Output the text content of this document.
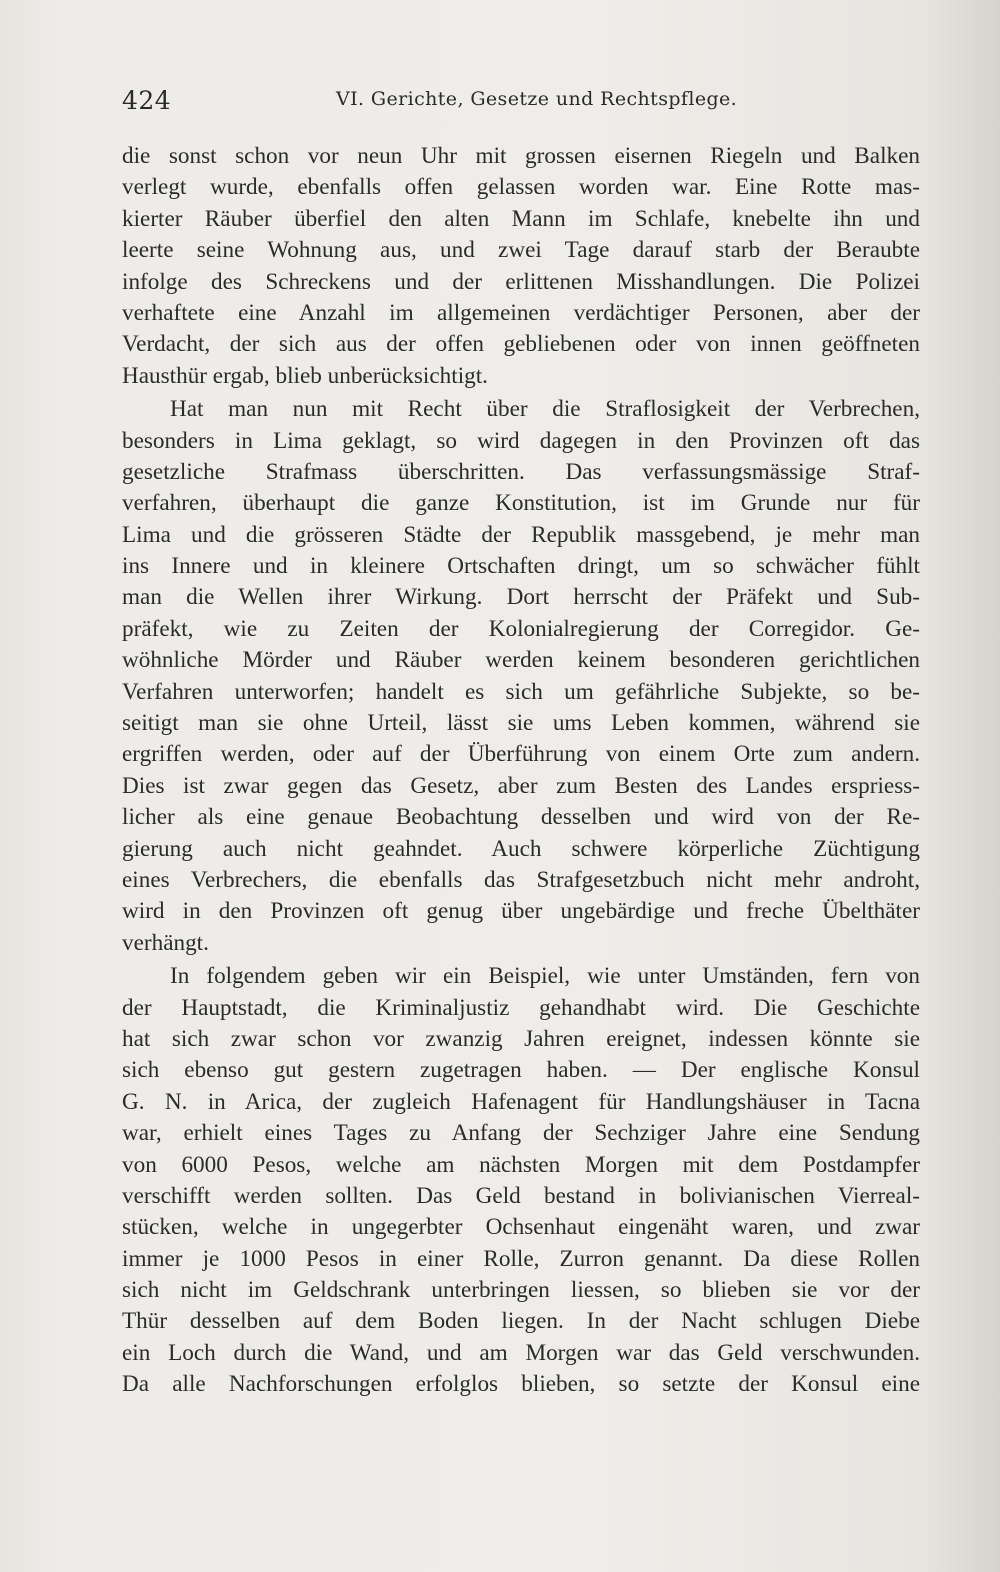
424	VI. Gerichte, Gesetze und Rechtspflege.
die sonst schon vor neun Uhr mit grossen eisernen Riegeln und Balken
verlegt wurde, ebenfalls offen gelassen worden war. Eine Rotte mas-
kierter Räuber überfiel den alten Mann im Schlafe, knebelte ihn und
leerte seine Wohnung aus, und zwei Tage darauf starb der Beraubte
infolge des Schreckens und der erlittenen Misshandlungen. Die Polizei
verhaftete eine Anzahl im allgemeinen verdächtiger Personen, aber der
Verdacht, der sich aus der offen gebliebenen oder von innen geöffneten
Hausthür ergab, blieb unberücksichtigt.
Hat man nun mit Recht über die Straflosigkeit der Verbrechen,
besonders in Lima geklagt, so wird dagegen in den Provinzen oft das
gesetzliche Strafmass überschritten. Das verfassungsmässige Straf-
verfahren, überhaupt die ganze Konstitution, ist im Grunde nur für
Lima und die grösseren Städte der Republik massgebend, je mehr man
ins Innere und in kleinere Ortschaften dringt, um so schwächer fühlt
man die Wellen ihrer Wirkung. Dort herrscht der Präfekt und Sub-
präfekt, wie zu Zeiten der Kolonialregierung der Corregidor. Ge-
wöhnliche Mörder und Räuber werden keinem besonderen gerichtlichen
Verfahren unterworfen; handelt es sich um gefährliche Subjekte, so be-
seitigt man sie ohne Urteil, lässt sie ums Leben kommen, während sie
ergriffen werden, oder auf der Überführung von einem Orte zum andern.
Dies ist zwar gegen das Gesetz, aber zum Besten des Landes erspriess-
licher als eine genaue Beobachtung desselben und wird von der Re-
gierung auch nicht geahndet. Auch schwere körperliche Züchtigung
eines Verbrechers, die ebenfalls das Strafgesetzbuch nicht mehr androht,
wird in den Provinzen oft genug über ungebärdige und freche Übelthäter
verhängt.
In folgendem geben wir ein Beispiel, wie unter Umständen, fern von
der Hauptstadt, die Kriminaljustiz gehandhabt wird. Die Geschichte
hat sich zwar schon vor zwanzig Jahren ereignet, indessen könnte sie
sich ebenso gut gestern zugetragen haben. — Der englische Konsul
G. N. in Arica, der zugleich Hafenagent für Handlungshäuser in Tacna
war, erhielt eines Tages zu Anfang der Sechziger Jahre eine Sendung
von 6000 Pesos, welche am nächsten Morgen mit dem Postdampfer
verschifft werden sollten. Das Geld bestand in bolivianischen Vierreal-
stücken, welche in ungegerbter Ochsenhaut eingenäht waren, und zwar
immer je 1000 Pesos in einer Rolle, Zurron genannt. Da diese Rollen
sich nicht im Geldschrank unterbringen liessen, so blieben sie vor der
Thür desselben auf dem Boden liegen. In der Nacht schlugen Diebe
ein Loch durch die Wand, und am Morgen war das Geld verschwunden.
Da alle Nachforschungen erfolglos blieben, so setzte der Konsul eine
